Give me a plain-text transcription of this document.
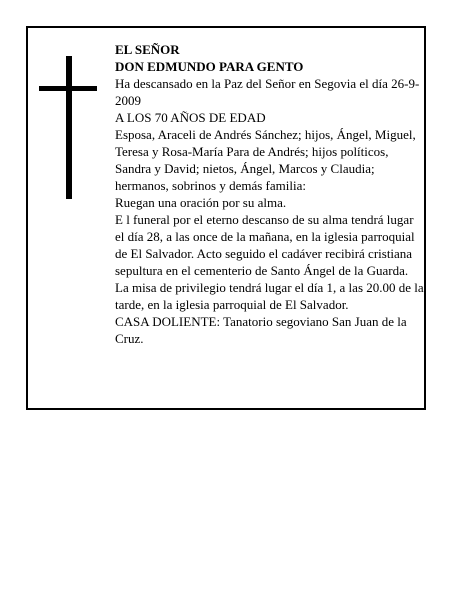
EL SEÑOR

DON EDMUNDO PARA GENTO

Ha descansado en la Paz del Señor en Segovia el día 26-9-2009

A LOS 70 AÑOS DE EDAD

Esposa, Araceli de Andrés Sánchez; hijos, Ángel, Miguel, Teresa y Rosa-María Para de Andrés; hijos políticos, Sandra y David; nietos, Ángel, Marcos y Claudia; hermanos, sobrinos y demás familia:

Ruegan una oración por su alma.

E l funeral por el eterno descanso de su alma tendrá lugar el día 28, a las once de la mañana, en la iglesia parroquial de El Salvador. Acto seguido el cadáver recibirá cristiana sepultura en el cementerio de Santo Ángel de la Guarda. La misa de privilegio tendrá lugar el día 1, a las 20.00 de la tarde, en la iglesia parroquial de El Salvador.

CASA DOLIENTE: Tanatorio segoviano San Juan de la Cruz.
